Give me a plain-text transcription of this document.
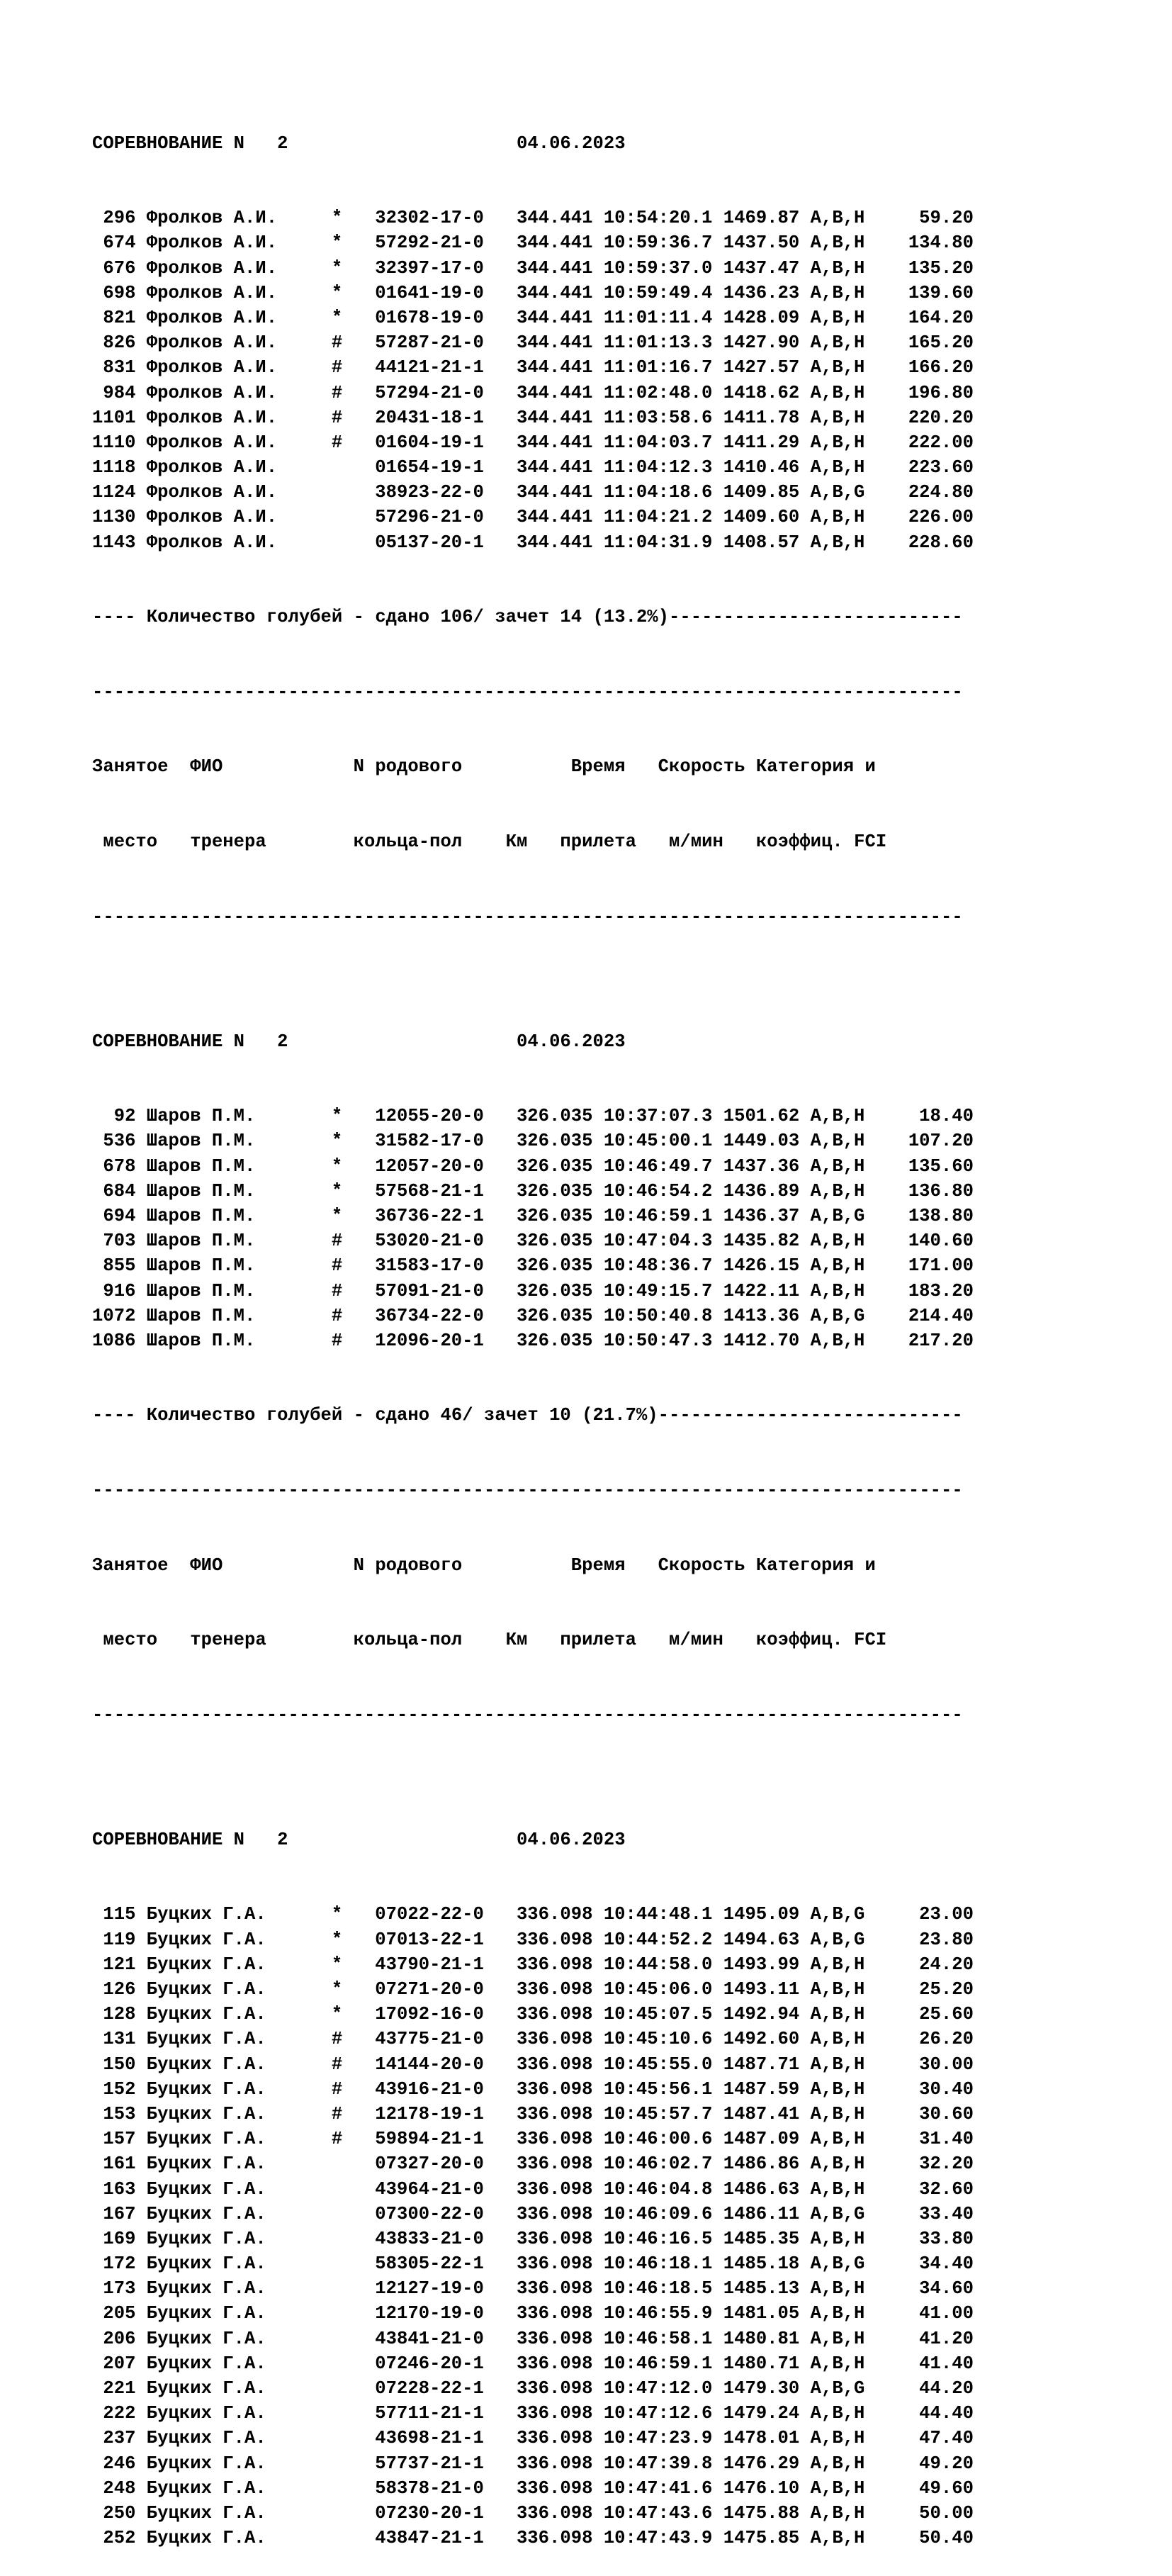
СОРЕВНОВАНИЕ N   2                     04.06.2023

296 Фролков А.И.	* 32302-17-0 344.441 10:54:20.1 1469.87 A,B,H	59.20
674 Фролков А.И.	* 57292-21-0 344.441 10:59:36.7 1437.50 A,B,H 134.80
676 Фролков А.И.	* 32397-17-0 344.441 10:59:37.0 1437.47 A,B,H 135.20
698 Фролков А.И.	* 01641-19-0 344.441 10:59:49.4 1436.23 A,B,H 139.60
821 Фролков А.И.	* 01678-19-0 344.441 11:01:11.4 1428.09 A,B,H 164.20
826 Фролков А.И.	# 57287-21-0 344.441 11:01:13.3 1427.90 A,B,H 165.20
831 Фролков А.И.	# 44121-21-1 344.441 11:01:16.7 1427.57 A,B,H 166.20
984 Фролков А.И.	# 57294-21-0 344.441 11:02:48.0 1418.62 A,B,H 196.80
1101 Фролков А.И.	# 20431-18-1 344.441 11:03:58.6 1411.78 A,B,H 220.20
1110 Фролков А.И.	# 01604-19-1 344.441 11:04:03.7 1411.29 A,B,H 222.00
1118 Фролков А.И.	01654-19-1 344.441 11:04:12.3 1410.46 A,B,H 223.60
1124 Фролков А.И.	38923-22-0 344.441 11:04:18.6 1409.85 A,B,G 224.80
1130 Фролков А.И.	57296-21-0 344.441 11:04:21.2 1409.60 A,B,H 226.00
1143 Фролков А.И.	05137-20-1 344.441 11:04:31.9 1408.57 A,B,H 228.60

---- Количество голубей - сдано 106/ зачет 14 (13.2%)---------------------------

--------------------------------------------------------------------------------

Занятое  ФИО            N родового          Время   Скорость Категория и

место   тренера        кольца-пол    Км   прилета   м/мин   коэффиц. FCI

--------------------------------------------------------------------------------

СОРЕВНОВАНИЕ N   2                     04.06.2023

92 Шаров П.М.	* 12055-20-0 326.035 10:37:07.3 1501.62 A,B,H	18.40
536 Шаров П.М.	* 31582-17-0 326.035 10:45:00.1 1449.03 A,B,H 107.20
678 Шаров П.М.	* 12057-20-0 326.035 10:46:49.7 1437.36 A,B,H 135.60
684 Шаров П.М.	* 57568-21-1 326.035 10:46:54.2 1436.89 A,B,H 136.80
694 Шаров П.М.	* 36736-22-1 326.035 10:46:59.1 1436.37 A,B,G 138.80
703 Шаров П.М.	# 53020-21-0 326.035 10:47:04.3 1435.82 A,B,H 140.60
855 Шаров П.М.	# 31583-17-0 326.035 10:48:36.7 1426.15 A,B,H 171.00
916 Шаров П.М.	# 57091-21-0 326.035 10:49:15.7 1422.11 A,B,H 183.20
1072 Шаров П.М.	# 36734-22-0 326.035 10:50:40.8 1413.36 A,B,G 214.40
1086 Шаров П.М.	# 12096-20-1 326.035 10:50:47.3 1412.70 A,B,H 217.20

---- Количество голубей - сдано 46/ зачет 10 (21.7%)----------------------------

--------------------------------------------------------------------------------

Занятое  ФИО            N родового          Время   Скорость Категория и

место   тренера        кольца-пол    Км   прилета   м/мин   коэффиц. FCI

--------------------------------------------------------------------------------

СОРЕВНОВАНИЕ N   2                     04.06.2023

115 Буцких Г.А.	* 07022-22-0 336.098 10:44:48.1 1495.09 A,B,G	23.00
119 Буцких Г.А.	* 07013-22-1 336.098 10:44:52.2 1494.63 A,B,G	23.80
121 Буцких Г.А.	* 43790-21-1 336.098 10:44:58.0 1493.99 A,B,H	24.20
126 Буцких Г.А.	* 07271-20-0 336.098 10:45:06.0 1493.11 A,B,H	25.20
128 Буцких Г.А.	* 17092-16-0 336.098 10:45:07.5 1492.94 A,B,H	25.60
131 Буцких Г.А.	# 43775-21-0 336.098 10:45:10.6 1492.60 A,B,H	26.20
150 Буцких Г.А.	# 14144-20-0 336.098 10:45:55.0 1487.71 A,B,H	30.00
152 Буцких Г.А.	# 43916-21-0 336.098 10:45:56.1 1487.59 A,B,H	30.40
153 Буцких Г.А.	# 12178-19-1 336.098 10:45:57.7 1487.41 A,B,H	30.60
157 Буцких Г.А.	# 59894-21-1 336.098 10:46:00.6 1487.09 A,B,H	31.40
161 Буцких Г.А.	07327-20-0 336.098 10:46:02.7 1486.86 A,B,H	32.20
163 Буцких Г.А.	43964-21-0 336.098 10:46:04.8 1486.63 A,B,H	32.60
167 Буцких Г.А.	07300-22-0 336.098 10:46:09.6 1486.11 A,B,G	33.40
169 Буцких Г.А.	43833-21-0 336.098 10:46:16.5 1485.35 A,B,H	33.80
172 Буцких Г.А.	58305-22-1 336.098 10:46:18.1 1485.18 A,B,G	34.40
173 Буцких Г.А.	12127-19-0 336.098 10:46:18.5 1485.13 A,B,H	34.60
205 Буцких Г.А.	12170-19-0 336.098 10:46:55.9 1481.05 A,B,H	41.00
206 Буцких Г.А.	43841-21-0 336.098 10:46:58.1 1480.81 A,B,H	41.20
207 Буцких Г.А.	07246-20-1 336.098 10:46:59.1 1480.71 A,B,H	41.40
221 Буцких Г.А.	07228-22-1 336.098 10:47:12.0 1479.30 A,B,G	44.20
222 Буцких Г.А.	57711-21-1 336.098 10:47:12.6 1479.24 A,B,H	44.40
237 Буцких Г.А.	43698-21-1 336.098 10:47:23.9 1478.01 A,B,H	47.40
246 Буцких Г.А.	57737-21-1 336.098 10:47:39.8 1476.29 A,B,H	49.20
248 Буцких Г.А.	58378-21-0 336.098 10:47:41.6 1476.10 A,B,H	49.60
250 Буцких Г.А.	07230-20-1 336.098 10:47:43.6 1475.88 A,B,H	50.00
252 Буцких Г.А.	43847-21-1 336.098 10:47:43.9 1475.85 A,B,H	50.40
